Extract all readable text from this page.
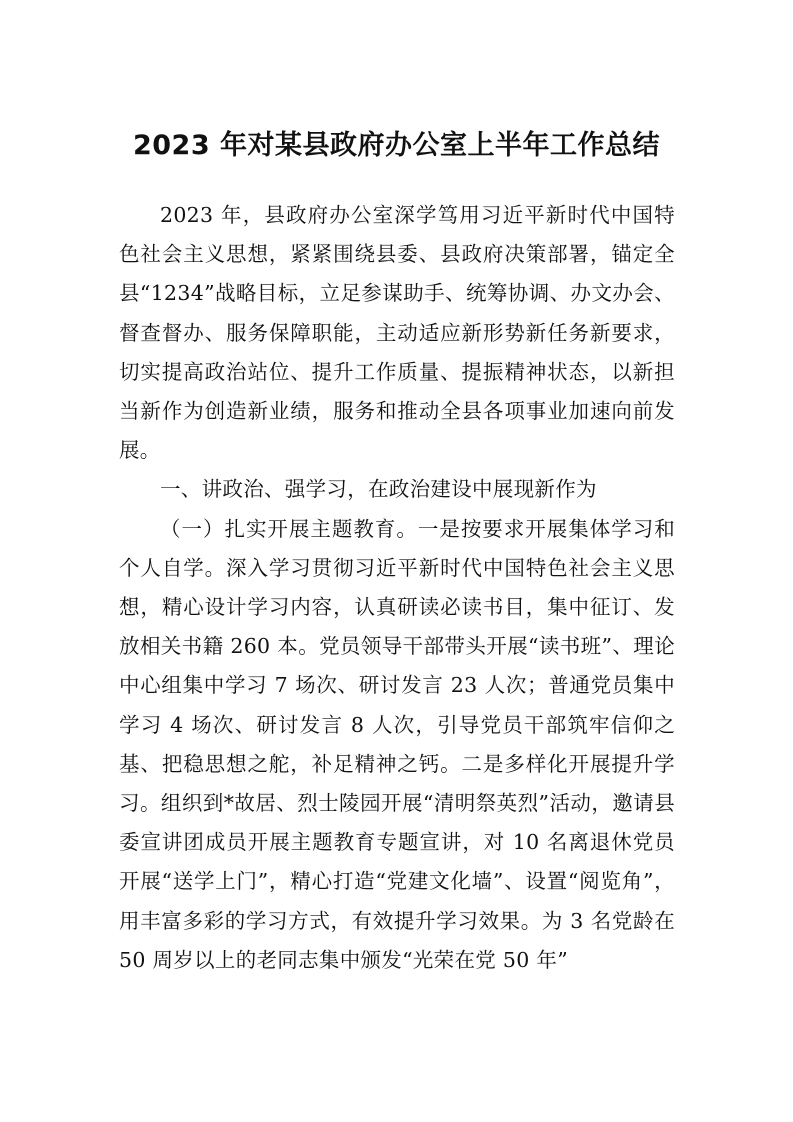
2023 年对某县政府办公室上半年工作总结

2023 年，县政府办公室深学笃用习近平新时代中国特色社会主义思想，紧紧围绕县委、县政府决策部署，锚定全县“1234”战略目标，立足参谋助手、统筹协调、办文办会、督查督办、服务保障职能，主动适应新形势新任务新要求，切实提高政治站位、提升工作质量、提振精神状态，以新担当新作为创造新业绩，服务和推动全县各项事业加速向前发展。

一、讲政治、强学习，在政治建设中展现新作为

（一）扎实开展主题教育。一是按要求开展集体学习和个人自学。深入学习贯彻习近平新时代中国特色社会主义思想，精心设计学习内容，认真研读必读书目，集中征订、发放相关书籍 260 本。党员领导干部带头开展“读书班”、理论中心组集中学习 7 场次、研讨发言 23 人次；普通党员集中学习 4 场次、研讨发言 8 人次，引导党员干部筑牢信仰之基、把稳思想之舵，补足精神之钙。二是多样化开展提升学习。组织到*故居、烈士陵园开展“清明祭英烈”活动，邀请县委宣讲团成员开展主题教育专题宣讲，对 10 名离退休党员开展“送学上门”，精心打造“党建文化墙”、设置“阅览角”，用丰富多彩的学习方式，有效提升学习效果。为 3 名党龄在 50 周岁以上的老同志集中颁发“光荣在党 50 年”
